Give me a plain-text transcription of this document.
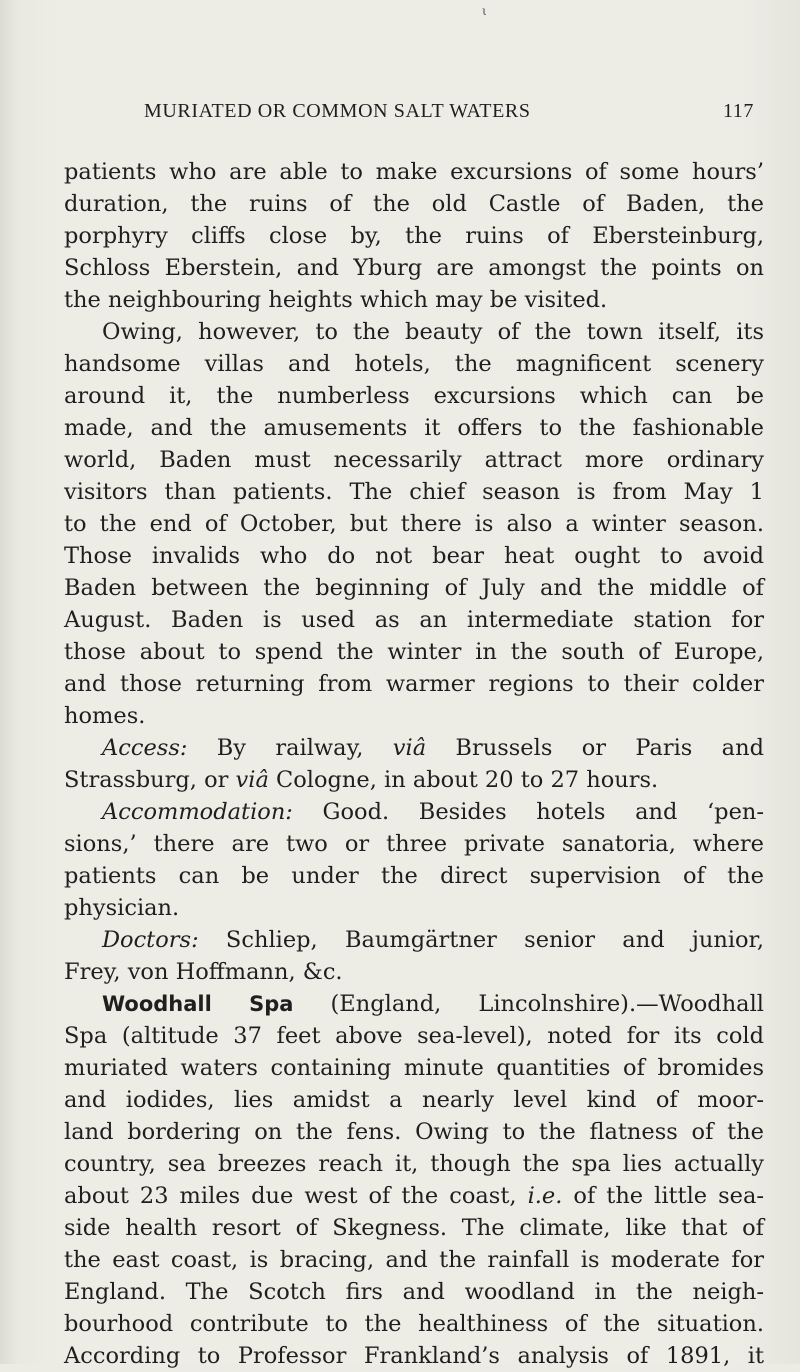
ι
MURIATED OR COMMON SALT WATERS	117
patients who are able to make excursions of some hours’
duration, the ruins of the old Castle of Baden, the
porphyry cliffs close by, the ruins of Ebersteinburg,
Schloss Eberstein, and Yburg are amongst the points on
the neighbouring heights which may be visited.
Owing, however, to the beauty of the town itself, its
handsome villas and hotels, the magnificent scenery
around it, the numberless excursions which can be
made, and the amusements it offers to the fashionable
world, Baden must necessarily attract more ordinary
visitors than patients. The chief season is from May 1
to the end of October, but there is also a winter season.
Those invalids who do not bear heat ought to avoid
Baden between the beginning of July and the middle of
August. Baden is used as an intermediate station for
those about to spend the winter in the south of Europe,
and those returning from warmer regions to their colder
homes.
Access: By railway, viâ Brussels or Paris and
Strassburg, or viâ Cologne, in about 20 to 27 hours.
Accommodation: Good. Besides hotels and ‘pen-
sions,’ there are two or three private sanatoria, where
patients can be under the direct supervision of the
physician.
Doctors: Schliep, Baumgärtner senior and junior,
Frey, von Hoffmann, &c.
Woodhall Spa (England, Lincolnshire).—Woodhall
Spa (altitude 37 feet above sea-level), noted for its cold
muriated waters containing minute quantities of bromides
and iodides, lies amidst a nearly level kind of moor-
land bordering on the fens. Owing to the flatness of the
country, sea breezes reach it, though the spa lies actually
about 23 miles due west of the coast, i.e. of the little sea-
side health resort of Skegness. The climate, like that of
the east coast, is bracing, and the rainfall is moderate for
England. The Scotch firs and woodland in the neigh-
bourhood contribute to the healthiness of the situation.
According to Professor Frankland’s analysis of 1891, it
